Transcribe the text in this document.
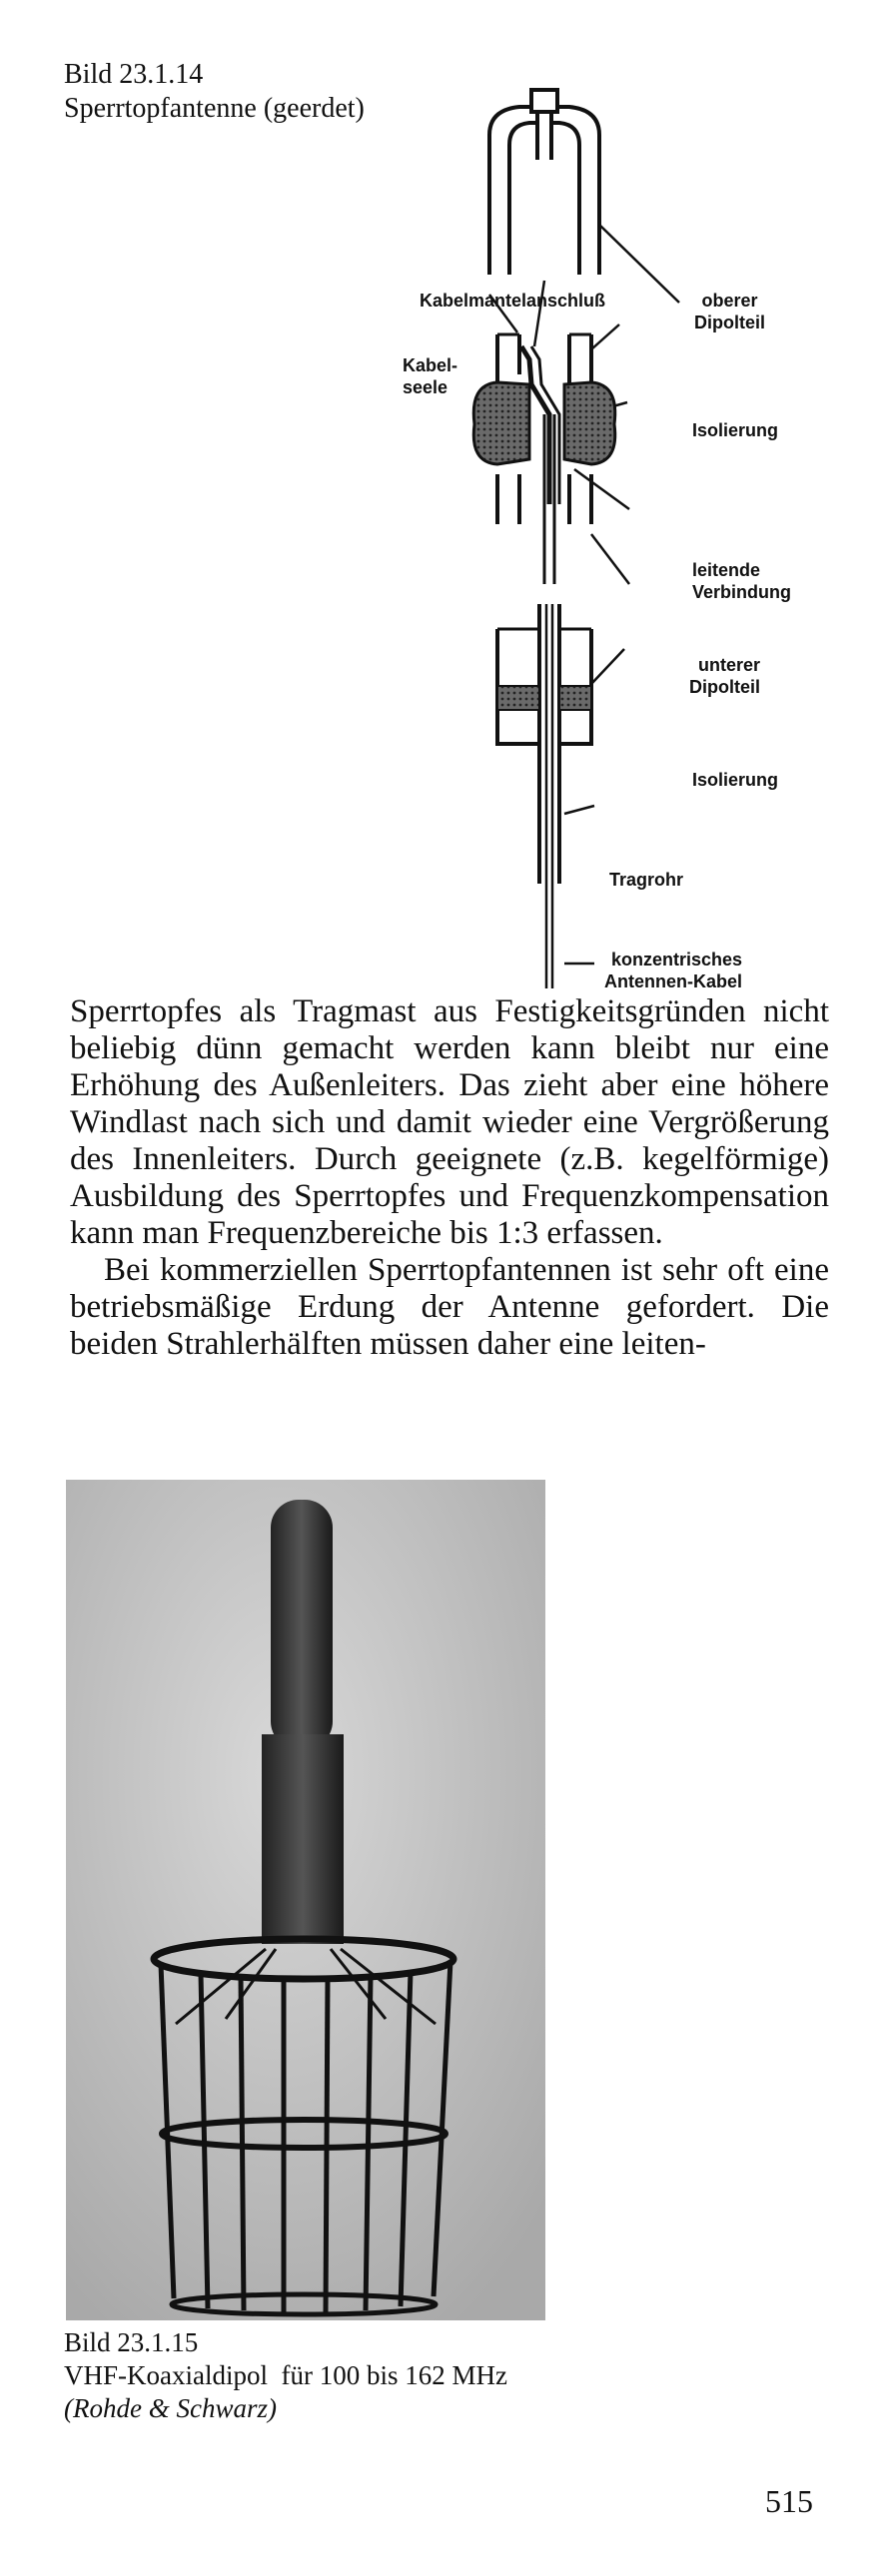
Bild 23.1.14
Sperrtopfantenne (geerdet)
Kabelmantelanschluß	oberer
Dipolteil
Kabel-
seele
Isolierung
leitende
Verbindung
unterer
Dipolteil
Isolierung
Tragrohr
konzentrisches
Antennen-Kabel

Sperrtopfes als Tragmast aus Festigkeitsgründen nicht beliebig dünn gemacht werden kann bleibt nur eine Erhöhung des Außenleiters. Das zieht aber eine höhere Windlast nach sich und damit wieder eine Vergrößerung des Innenleiters. Durch geeignete (z.B. kegelförmige) Ausbildung des Sperrtopfes und Frequenzkompensation kann man Frequenzbereiche bis 1:3 erfassen.

Bei kommerziellen Sperrtopfantennen ist sehr oft eine betriebsmäßige Erdung der Antenne gefordert. Die beiden Strahlerhälften müssen daher eine leiten-

Bild 23.1.15
VHF-Koaxialdipol  für 100 bis 162 MHz
(Rohde & Schwarz)
515
